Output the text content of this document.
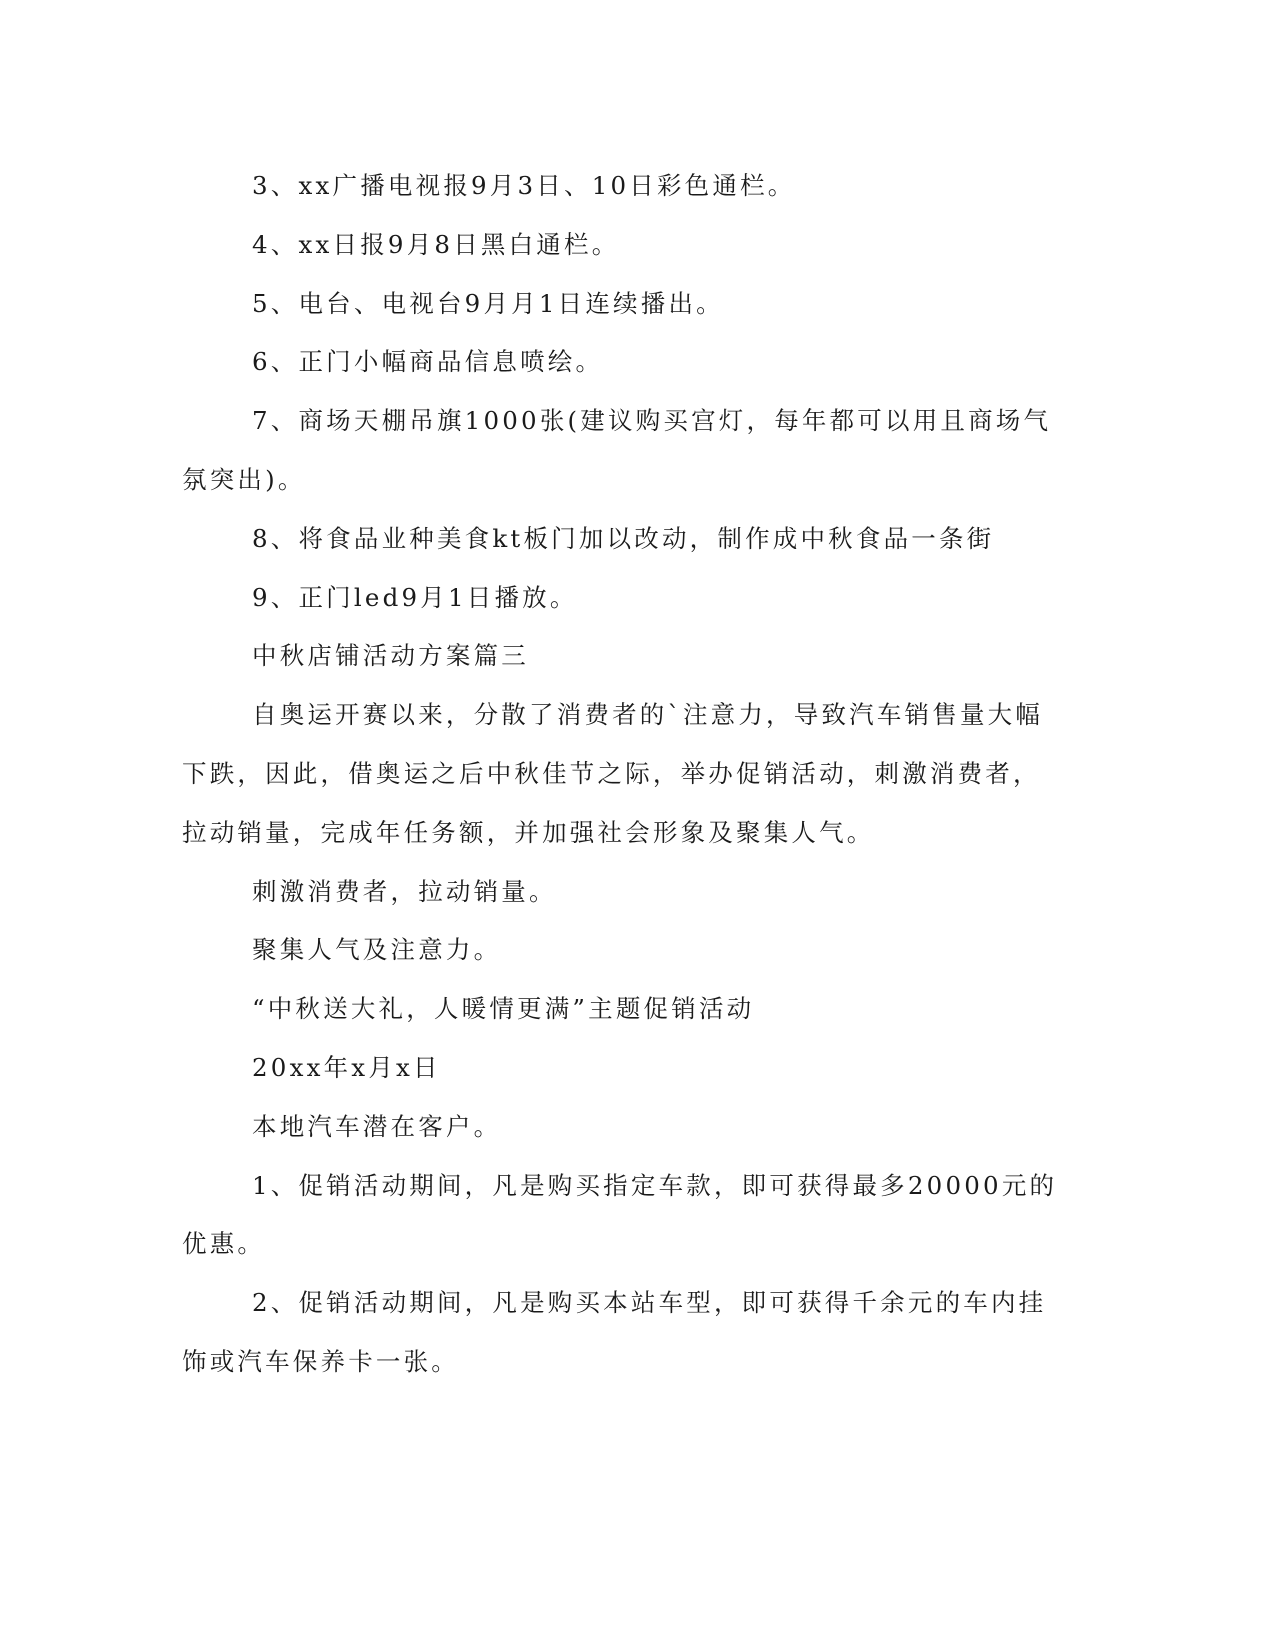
3、xx广播电视报9月3日、10日彩色通栏。

4、xx日报9月8日黑白通栏。

5、电台、电视台9月月1日连续播出。

6、正门小幅商品信息喷绘。

7、商场天棚吊旗1000张(建议购买宫灯，每年都可以用且商场气氛突出)。

8、将食品业种美食kt板门加以改动，制作成中秋食品一条街

9、正门led9月1日播放。

中秋店铺活动方案篇三

自奥运开赛以来，分散了消费者的`注意力，导致汽车销售量大幅下跌，因此，借奥运之后中秋佳节之际，举办促销活动，刺激消费者，拉动销量，完成年任务额，并加强社会形象及聚集人气。

刺激消费者，拉动销量。

聚集人气及注意力。

“中秋送大礼，人暖情更满”主题促销活动

20xx年x月x日

本地汽车潜在客户。

1、促销活动期间，凡是购买指定车款，即可获得最多20000元的优惠。

2、促销活动期间，凡是购买本站车型，即可获得千余元的车内挂饰或汽车保养卡一张。
